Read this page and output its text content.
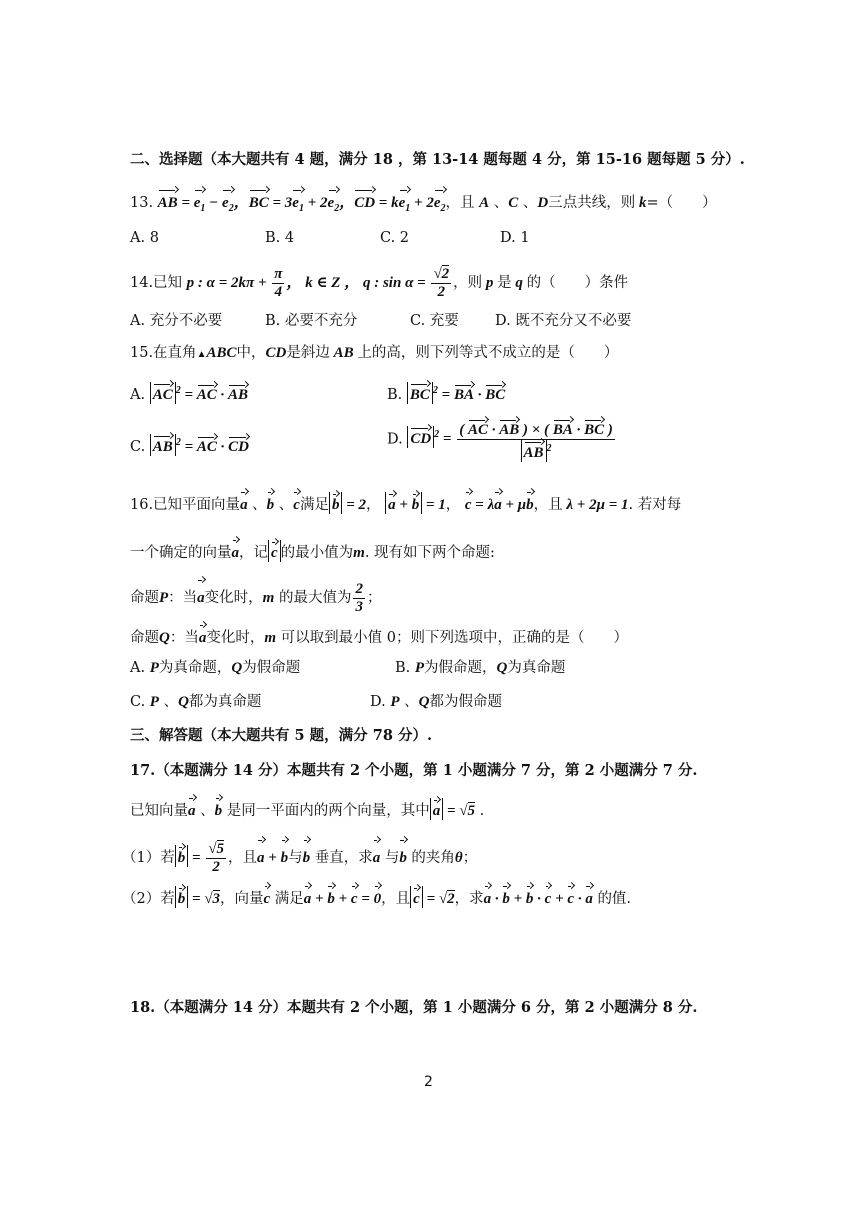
二、选择题（本大题共有 4 题，满分 18 ，第 13-14 题每题 4 分，第 15-16 题每题 5 分）.
13. AB = $e_1 - e_2$，BC = $3e_1 + 2e_2$，CD = $ke_1 + 2e_2$，且 A 、C 、D三点共线，则 k=（　　）
A. 8	B. 4	C. 2	D. 1
14.已知 p : $\alpha = 2k\pi + \frac{\pi}{4}$ ， k ∈ Z ， q : $\sin \alpha = \frac{√2}{2}$ ，则 p 是 q 的（　　）条件
A. 充分不必要	B. 必要不充分	C. 充要 D. 既不充分又不必要
15.在直角▲ABC中，CD是斜边 AB 上的高，则下列等式不成立的是（　　）
A. AC $^2$ = AC · AB	B. BC $^2$ = BA · BC
C. AB $^2$ = AC · CD	D. CD $^2 = \frac{( AC \cdot AB ) \times ( BA \cdot BC )}{AB ^2}$
16.已知平面向量a 、b 、c满足 b = 2， a + b = 1， c = λa + μb，且 λ + 2μ = 1. 若对每
一个确定的向量a，记 c 的最小值为m. 现有如下两个命题:
命题P：当a变化时，m 的最大值为 $\frac{2}{3}$ ；
命题Q：当a变化时，m 可以取到最小值 0；则下列选项中，正确的是（　　）
A. P为真命题，Q为假命题	B. P为假命题，Q为真命题
C. P 、Q都为真命题	D. P 、Q都为假命题
三、解答题（本大题共有 5 题，满分 78 分）.
17.（本题满分 14 分）本题共有 2 个小题，第 1 小题满分 7 分，第 2 小题满分 7 分.
已知向量a 、b 是同一平面内的两个向量，其中 a = √5 .
（1）若 $b = \frac{√5}{2}$ ，且a + b与b 垂直，求a 与b 的夹角θ；
（2）若 b = √3，向量c 满足a + b + c = 0，且 c = √2，求a · b + b · c + c · a 的值.
18.（本题满分 14 分）本题共有 2 个小题，第 1 小题满分 6 分，第 2 小题满分 8 分.
2
